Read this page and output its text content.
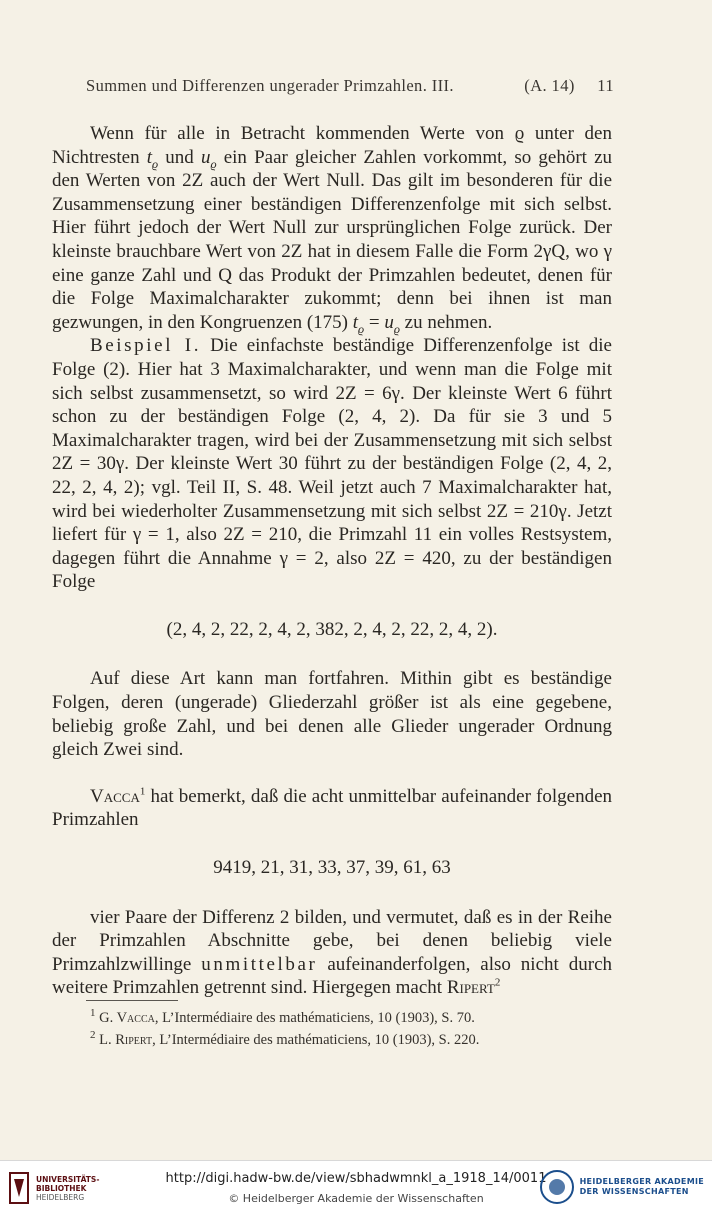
Summen und Differenzen ungerader Primzahlen. III.	(A. 14) 11

Wenn für alle in Betracht kommenden Werte von ϱ unter den Nichtresten $t_ϱ$ und $u_ϱ$ ein Paar gleicher Zahlen vorkommt, so gehört zu den Werten von 2Z auch der Wert Null. Das gilt im besonderen für die Zusammensetzung einer beständigen Differenzenfolge mit sich selbst. Hier führt jedoch der Wert Null zur ursprünglichen Folge zurück. Der kleinste brauchbare Wert von 2Z hat in diesem Falle die Form 2γQ, wo γ eine ganze Zahl und Q das Produkt der Primzahlen bedeutet, denen für die Folge Maximalcharakter zukommt; denn bei ihnen ist man gezwungen, in den Kongruenzen (175) $t_ϱ = u_ϱ$ zu nehmen.

Beispiel I. Die einfachste beständige Differenzenfolge ist die Folge (2). Hier hat 3 Maximalcharakter, und wenn man die Folge mit sich selbst zusammensetzt, so wird 2Z = 6γ. Der kleinste Wert 6 führt schon zu der beständigen Folge (2, 4, 2). Da für sie 3 und 5 Maximalcharakter tragen, wird bei der Zusammensetzung mit sich selbst 2Z = 30γ. Der kleinste Wert 30 führt zu der beständigen Folge (2, 4, 2, 22, 2, 4, 2); vgl. Teil II, S. 48. Weil jetzt auch 7 Maximalcharakter hat, wird bei wiederholter Zusammensetzung mit sich selbst 2Z = 210γ. Jetzt liefert für γ = 1, also 2Z = 210, die Primzahl 11 ein volles Restsystem, dagegen führt die Annahme γ = 2, also 2Z = 420, zu der beständigen Folge

(2, 4, 2, 22, 2, 4, 2, 382, 2, 4, 2, 22, 2, 4, 2).

Auf diese Art kann man fortfahren. Mithin gibt es beständige Folgen, deren (ungerade) Gliederzahl größer ist als eine gegebene, beliebig große Zahl, und bei denen alle Glieder ungerader Ordnung gleich Zwei sind.

Vacca$^1$ hat bemerkt, daß die acht unmittelbar aufeinander folgenden Primzahlen

9419, 21, 31, 33, 37, 39, 61, 63

vier Paare der Differenz 2 bilden, und vermutet, daß es in der Reihe der Primzahlen Abschnitte gebe, bei denen beliebig viele Primzahlzwillinge unmittelbar aufeinanderfolgen, also nicht durch weitere Primzahlen getrennt sind. Hiergegen macht Ripert$^2$

$^1$ G. Vacca, L’Intermédiaire des mathématiciens, 10 (1903), S. 70.
$^2$ L. Ripert, L’Intermédiaire des mathématiciens, 10 (1903), S. 220.
UNIVERSITÄTS-
BIBLIOTHEK
HEIDELBERG
http://digi.hadw-bw.de/view/sbhadwmnkl_a_1918_14/0011
© Heidelberger Akademie der Wissenschaften
HEIDELBERGER AKADEMIE
DER WISSENSCHAFTEN
